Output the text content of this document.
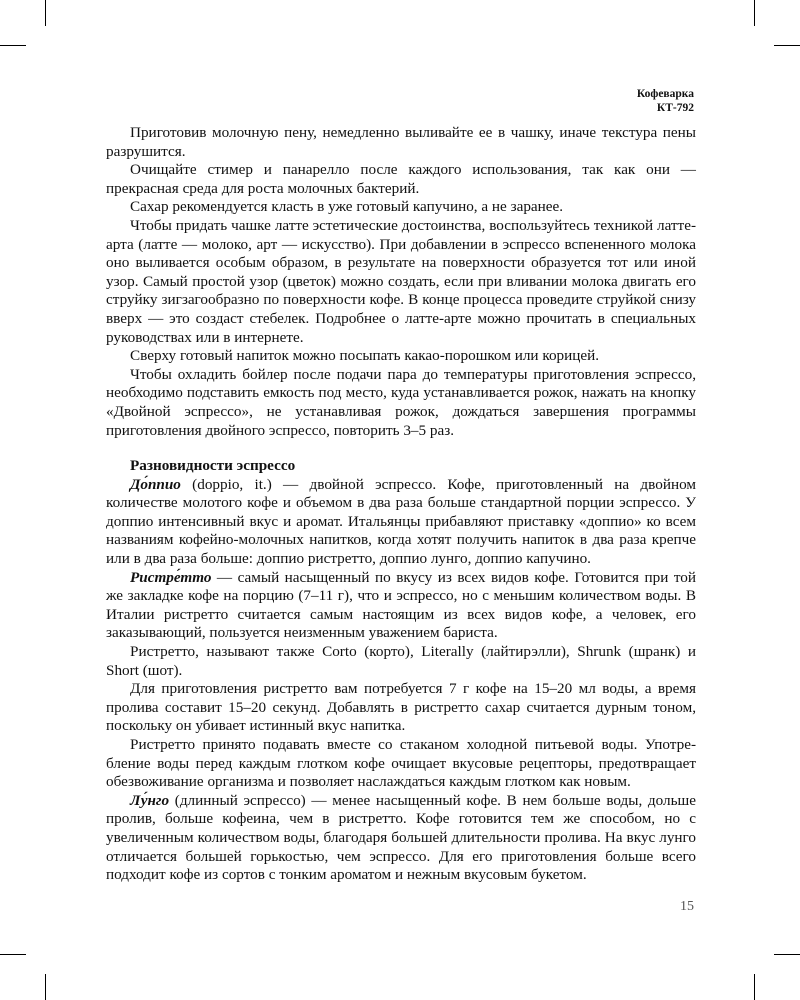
Кофеварка
КТ-792

Приготовив молочную пену, немедленно выливайте ее в чашку, иначе текстура пены разрушится.

Очищайте стимер и панарелло после каждого использования, так как они — прекрасная среда для роста молочных бактерий.

Сахар рекомендуется класть в уже готовый капучино, а не заранее.

Чтобы придать чашке латте эстетические достоинства, воспользуйтесь техникой латте-арта (латте — молоко, арт — искусство). При добавлении в эспрессо вспененного молока оно выливается особым образом, в результате на поверхности образуется тот или иной узор. Самый простой узор (цветок) можно создать, если при вливании молока двигать его струйку зигзагообразно по поверхности кофе. В конце процесса проведите струйкой снизу вверх — это создаст стебелек. Подробнее о латте-арте можно прочитать в специальных руководствах или в интернете.

Сверху готовый напиток можно посыпать какао-порошком или корицей.

Чтобы охладить бойлер после подачи пара до температуры приготовления эспрессо, необходимо подставить емкость под место, куда устанавливается рожок, нажать на кнопку «Двойной эспрессо», не устанавливая рожок, дождаться завершения программы приготовления двойного эспрессо, повторить 3–5 раз.

Разновидности эспрессо

До́ппио (doppio, it.) — двойной эспрессо. Кофе, приготовленный на двойном количестве молотого кофе и объемом в два раза больше стандартной порции эспрессо. У доппио интенсивный вкус и аромат. Итальянцы прибавляют приставку «доппио» ко всем названиям кофейно-молочных напитков, когда хотят получить напиток в два раза крепче или в два раза больше: доппио ристретто, доппио лунго, доппио капучино.

Ристре́тто — самый насыщенный по вкусу из всех видов кофе. Готовится при той же закладке кофе на порцию (7–11 г), что и эспрессо, но с меньшим количеством воды. В Италии ристретто считается самым настоящим из всех видов кофе, а человек, его заказывающий, пользуется неизменным уважением бариста.

Ристретто, называют также Corto (корто), Literally (лайтирэлли), Shrunk (шранк) и Short (шот).

Для приготовления ристретто вам потребуется 7 г кофе на 15–20 мл воды, а время пролива составит 15–20 секунд. Добавлять в ристретто сахар считается дурным тоном, поскольку он убивает истинный вкус напитка.

Ристретто принято подавать вместе со стаканом холодной питьевой воды. Употребление воды перед каждым глотком кофе очищает вкусовые рецепторы, предотвращает обезвоживание организма и позволяет наслаждаться каждым глотком как новым.

Лу́нго (длинный эспрессо) — менее насыщенный кофе. В нем больше воды, дольше пролив, больше кофеина, чем в ристретто. Кофе готовится тем же способом, но с увеличенным количеством воды, благодаря большей длительности пролива. На вкус лунго отличается большей горькостью, чем эспрессо. Для его приготовления больше всего подходит кофе из сортов с тонким ароматом и нежным вкусовым букетом.

15
